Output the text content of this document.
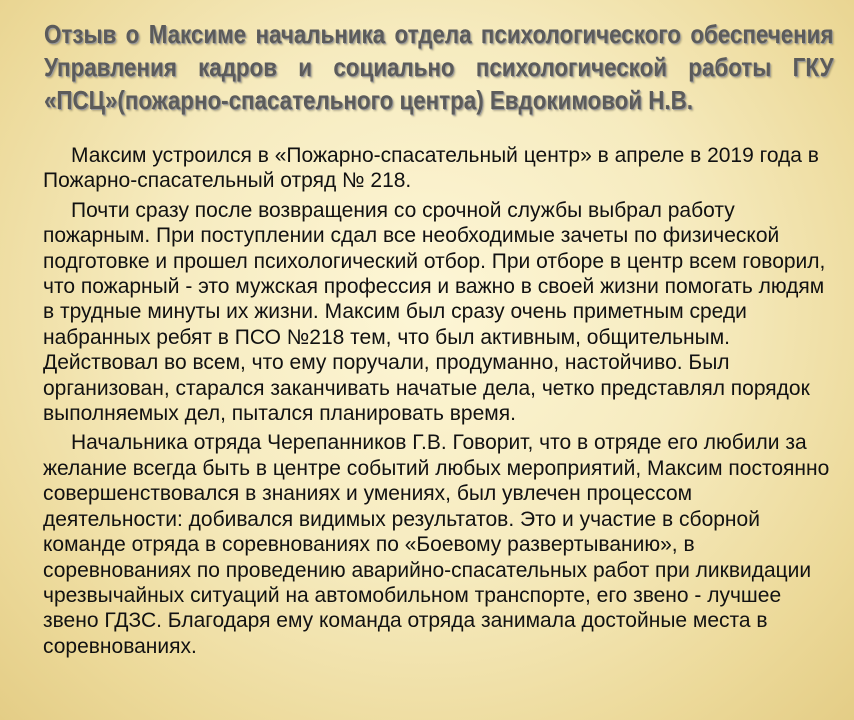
Отзыв о Максиме начальника отдела психологического обеспечения
Управления кадров и социально психологической работы ГКУ
«ПСЦ»(пожарно-спасательного центра) Евдокимовой Н.В.

Максим устроился в «Пожарно-спасательный центр» в апреле в 2019 года в Пожарно-спасательный отряд № 218.

Почти сразу после возвращения со срочной службы выбрал работу пожарным. При поступлении сдал все необходимые зачеты по физической подготовке и прошел психологический отбор. При отборе в центр всем говорил, что пожарный - это мужская профессия и важно в своей жизни помогать людям в трудные минуты их жизни. Максим был сразу очень приметным среди набранных ребят в ПСО №218 тем, что был активным, общительным. Действовал во всем, что ему поручали, продуманно, настойчиво. Был организован, старался заканчивать начатые дела, четко представлял порядок выполняемых дел, пытался планировать время.

Начальника отряда Черепанников Г.В. Говорит, что в отряде его любили за желание всегда быть в центре событий любых мероприятий, Максим постоянно совершенствовался в знаниях и умениях, был увлечен процессом деятельности: добивался видимых результатов. Это и участие в сборной команде отряда в соревнованиях по «Боевому развертыванию», в соревнованиях по проведению аварийно-спасательных работ при ликвидации чрезвычайных ситуаций на автомобильном транспорте, его звено - лучшее звено ГДЗС. Благодаря ему команда отряда занимала достойные места в соревнованиях.
